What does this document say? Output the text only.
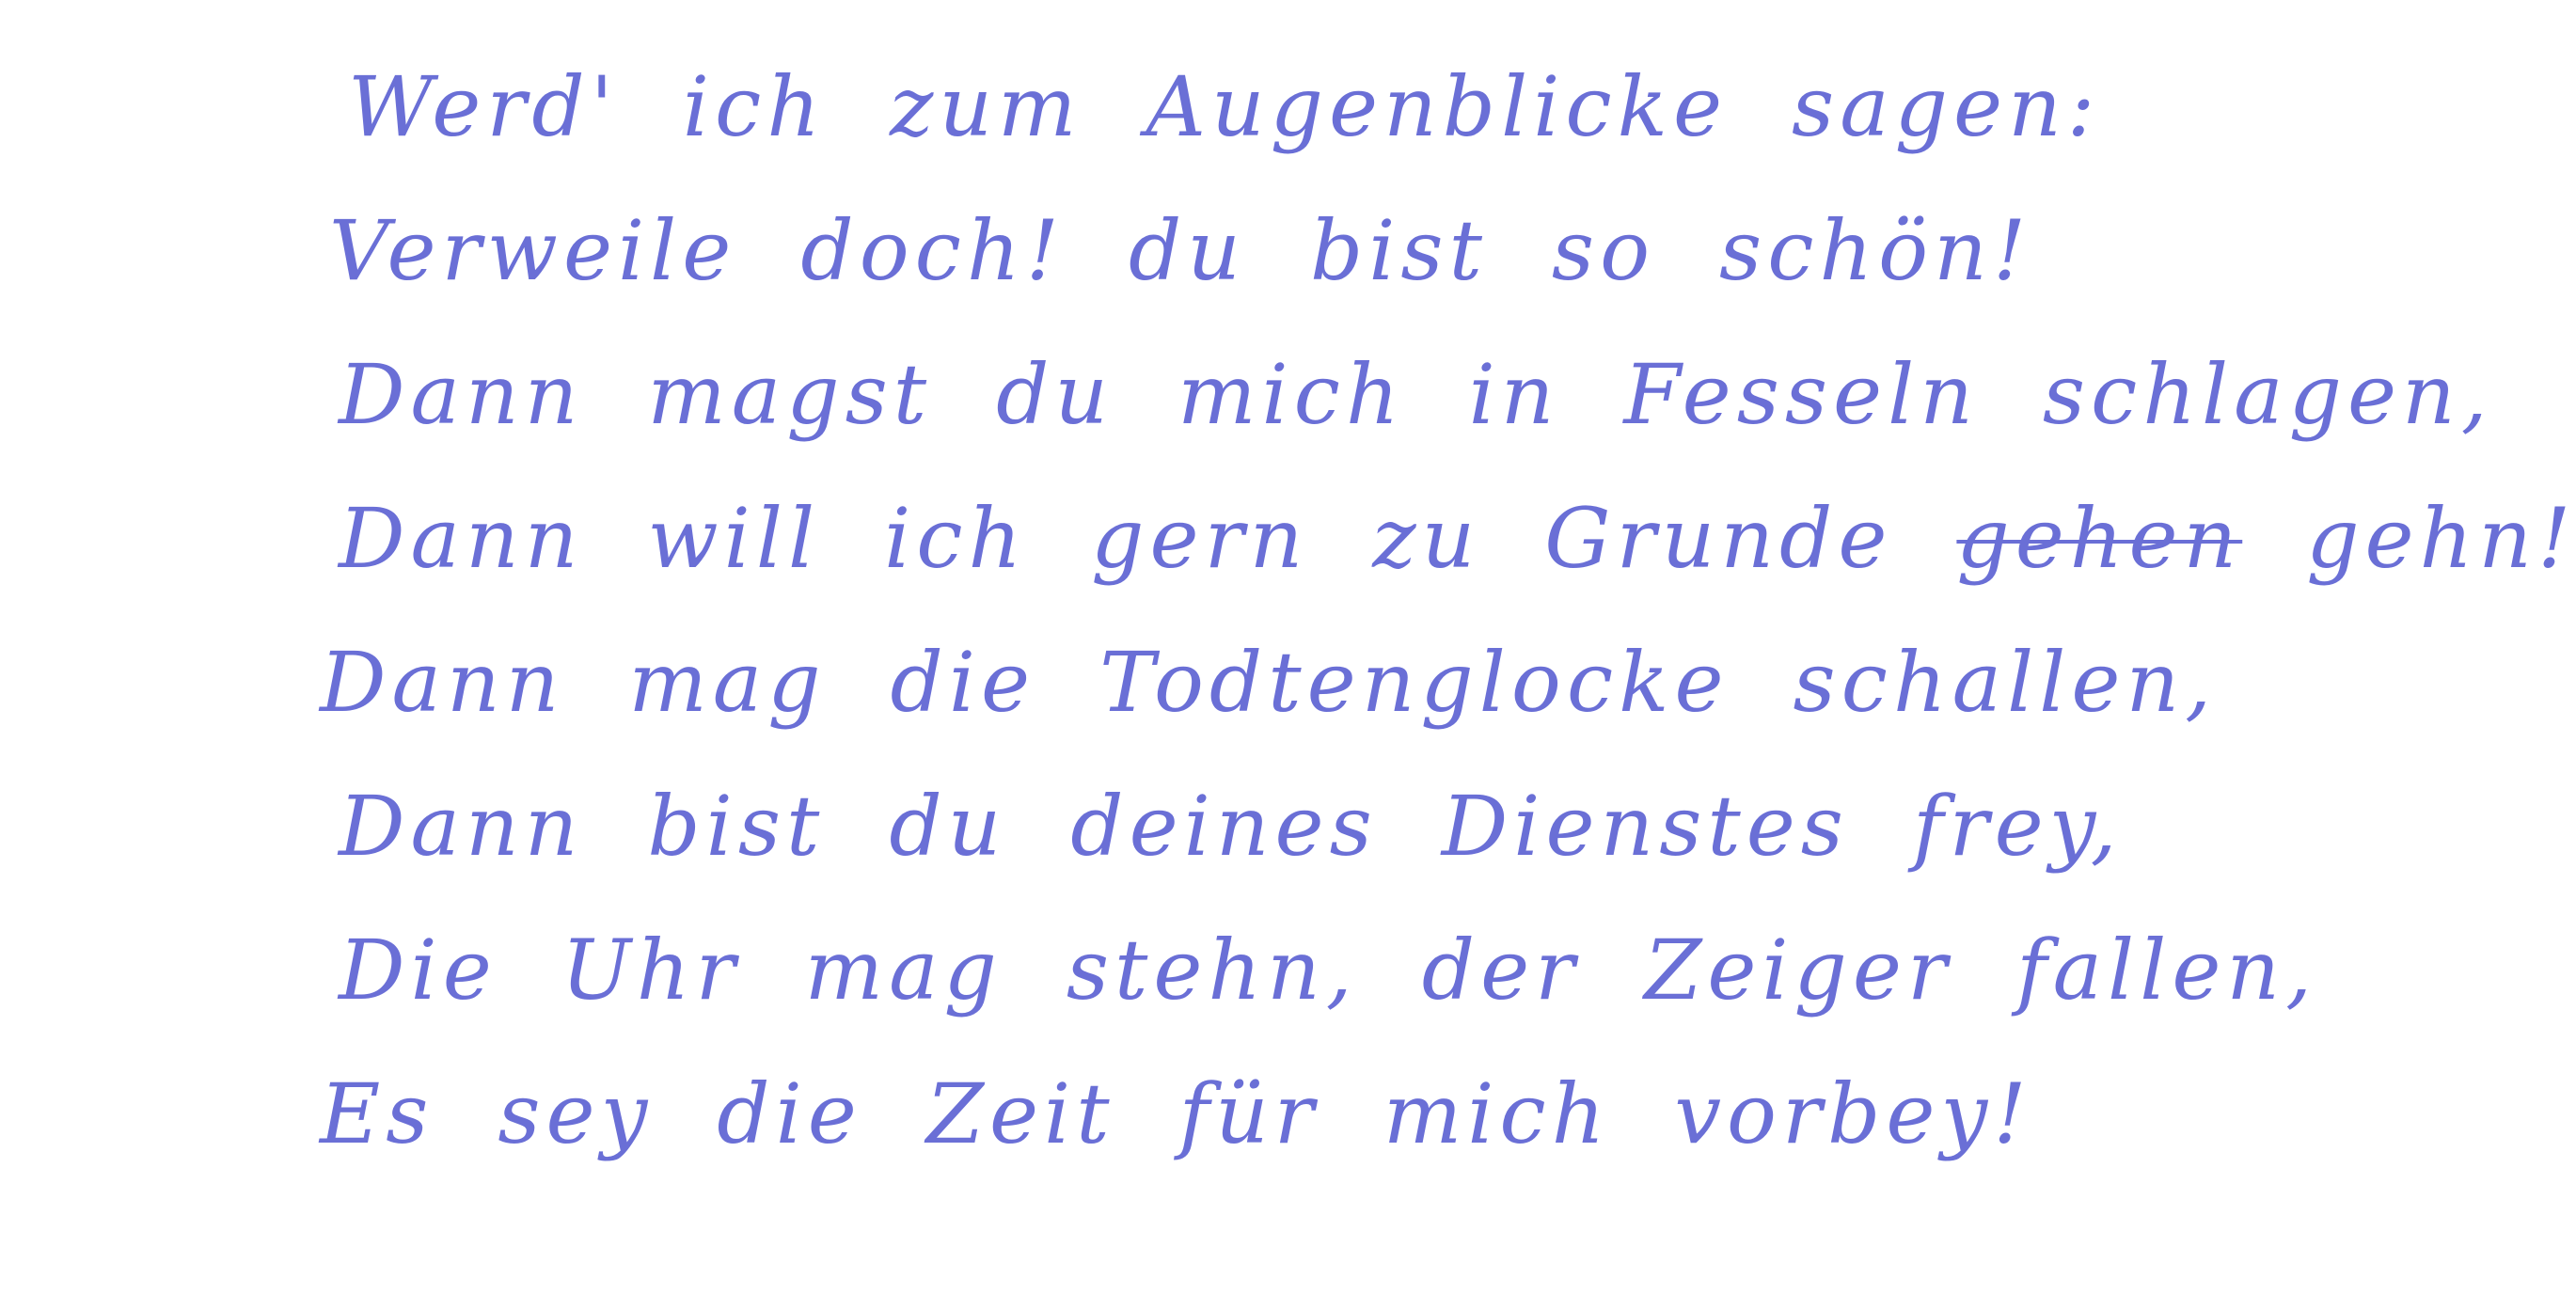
Werd' ich zum Augenblicke sagen:
Verweile doch! du bist so schön!
Dann magst du mich in Fesseln schlagen,
Dann will ich gern zu Grunde gehen gehn!
Dann mag die Todtenglocke schallen,
Dann bist du deines Dienstes frey,
Die Uhr mag stehn, der Zeiger fallen,
Es sey die Zeit für mich vorbey!
